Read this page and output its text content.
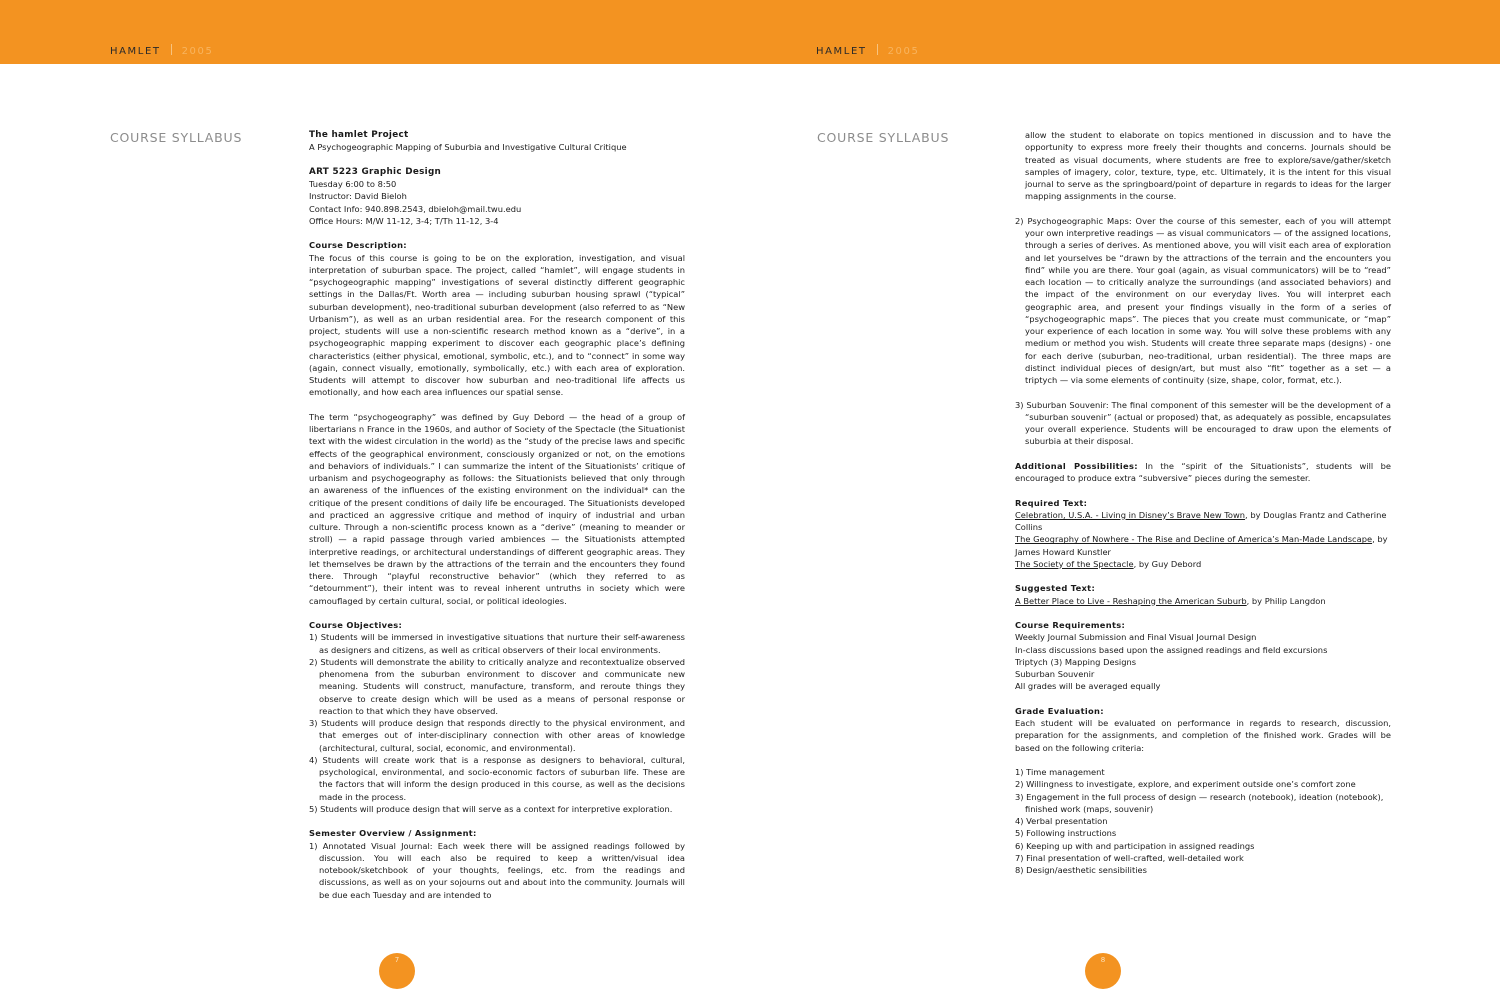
HAMLET 2005	HAMLET 2005
COURSE SYLLABUS	COURSE SYLLABUS

The hamlet Project

A Psychogeographic Mapping of Suburbia and Investigative Cultural Critique

ART 5223 Graphic Design

Tuesday 6:00 to 8:50

Instructor: David Bieloh

Contact Info: 940.898.2543, dbieloh@mail.twu.edu

Office Hours: M/W 11-12, 3-4; T/Th 11-12, 3-4

Course Description:

The focus of this course is going to be on the exploration, investigation, and visual interpretation of suburban space. The project, called “hamlet”, will engage students in “psychogeographic mapping” investigations of several distinctly different geographic settings in the Dallas/Ft. Worth area — including suburban housing sprawl (“typical” suburban development), neo-traditional suburban development (also referred to as “New Urbanism”), as well as an urban residential area. For the research component of this project, students will use a non-scientific research method known as a “derive”, in a psychogeographic mapping experiment to discover each geographic place’s defining characteristics (either physical, emotional, symbolic, etc.), and to “connect” in some way (again, connect visually, emotionally, symbolically, etc.) with each area of exploration. Students will attempt to discover how suburban and neo-traditional life affects us emotionally, and how each area influences our spatial sense.

The term “psychogeography” was defined by Guy Debord — the head of a group of libertarians n France in the 1960s, and author of Society of the Spectacle (the Situationist text with the widest circulation in the world) as the “study of the precise laws and specific effects of the geographical environment, consciously organized or not, on the emotions and behaviors of individuals.” I can summarize the intent of the Situationists’ critique of urbanism and psychogeography as follows: the Situationists believed that only through an awareness of the influences of the existing environment on the individual* can the critique of the present conditions of daily life be encouraged. The Situationists developed and practiced an aggressive critique and method of inquiry of industrial and urban culture. Through a non-scientific process known as a “derive” (meaning to meander or stroll) — a rapid passage through varied ambiences — the Situationists attempted interpretive readings, or architectural understandings of different geographic areas. They let themselves be drawn by the attractions of the terrain and the encounters they found there. Through “playful reconstructive behavior” (which they referred to as “detournment”), their intent was to reveal inherent untruths in society which were camouflaged by certain cultural, social, or political ideologies.

Course Objectives:

1) Students will be immersed in investigative situations that nurture their self-awareness as designers and citizens, as well as critical observers of their local environments.

2) Students will demonstrate the ability to critically analyze and recontextualize observed phenomena from the suburban environment to discover and communicate new meaning. Students will construct, manufacture, transform, and reroute things they observe to create design which will be used as a means of personal response or reaction to that which they have observed.

3) Students will produce design that responds directly to the physical environment, and that emerges out of inter-disciplinary connection with other areas of knowledge (architectural, cultural, social, economic, and environmental).

4) Students will create work that is a response as designers to behavioral, cultural, psychological, environmental, and socio-economic factors of suburban life. These are the factors that will inform the design produced in this course, as well as the decisions made in the process.

5) Students will produce design that will serve as a context for interpretive exploration.

Semester Overview / Assignment:

1) Annotated Visual Journal: Each week there will be assigned readings followed by discussion. You will each also be required to keep a written/visual idea notebook/sketchbook of your thoughts, feelings, etc. from the readings and discussions, as well as on your sojourns out and about into the community. Journals will be due each Tuesday and are intended to

allow the student to elaborate on topics mentioned in discussion and to have the opportunity to express more freely their thoughts and concerns. Journals should be treated as visual documents, where students are free to explore/save/gather/sketch samples of imagery, color, texture, type, etc. Ultimately, it is the intent for this visual journal to serve as the springboard/point of departure in regards to ideas for the larger mapping assignments in the course.

2) Psychogeographic Maps: Over the course of this semester, each of you will attempt your own interpretive readings — as visual communicators — of the assigned locations, through a series of derives. As mentioned above, you will visit each area of exploration and let yourselves be “drawn by the attractions of the terrain and the encounters you find” while you are there. Your goal (again, as visual communicators) will be to “read” each location — to critically analyze the surroundings (and associated behaviors) and the impact of the environment on our everyday lives. You will interpret each geographic area, and present your findings visually in the form of a series of “psychogeographic maps”. The pieces that you create must communicate, or “map” your experience of each location in some way. You will solve these problems with any medium or method you wish. Students will create three separate maps (designs) - one for each derive (suburban, neo-traditional, urban residential). The three maps are distinct individual pieces of design/art, but must also “fit” together as a set — a triptych — via some elements of continuity (size, shape, color, format, etc.).

3) Suburban Souvenir: The final component of this semester will be the development of a “suburban souvenir” (actual or proposed) that, as adequately as possible, encapsulates your overall experience. Students will be encouraged to draw upon the elements of suburbia at their disposal.

Additional Possibilities: In the “spirit of the Situationists”, students will be encouraged to produce extra “subversive” pieces during the semester.

Required Text:

Celebration, U.S.A. - Living in Disney’s Brave New Town, by Douglas Frantz and Catherine Collins

The Geography of Nowhere - The Rise and Decline of America’s Man-Made Landscape, by James Howard Kunstler

The Society of the Spectacle, by Guy Debord

Suggested Text:

A Better Place to Live - Reshaping the American Suburb, by Philip Langdon

Course Requirements:

Weekly Journal Submission and Final Visual Journal Design

In-class discussions based upon the assigned readings and field excursions

Triptych (3) Mapping Designs

Suburban Souvenir

All grades will be averaged equally

Grade Evaluation:

Each student will be evaluated on performance in regards to research, discussion, preparation for the assignments, and completion of the finished work. Grades will be based on the following criteria:

1) Time management

2) Willingness to investigate, explore, and experiment outside one’s comfort zone

3) Engagement in the full process of design — research (notebook), ideation (notebook), finished work (maps, souvenir)

4) Verbal presentation

5) Following instructions

6) Keeping up with and participation in assigned readings

7) Final presentation of well-crafted, well-detailed work

8) Design/aesthetic sensibilities

7	8
